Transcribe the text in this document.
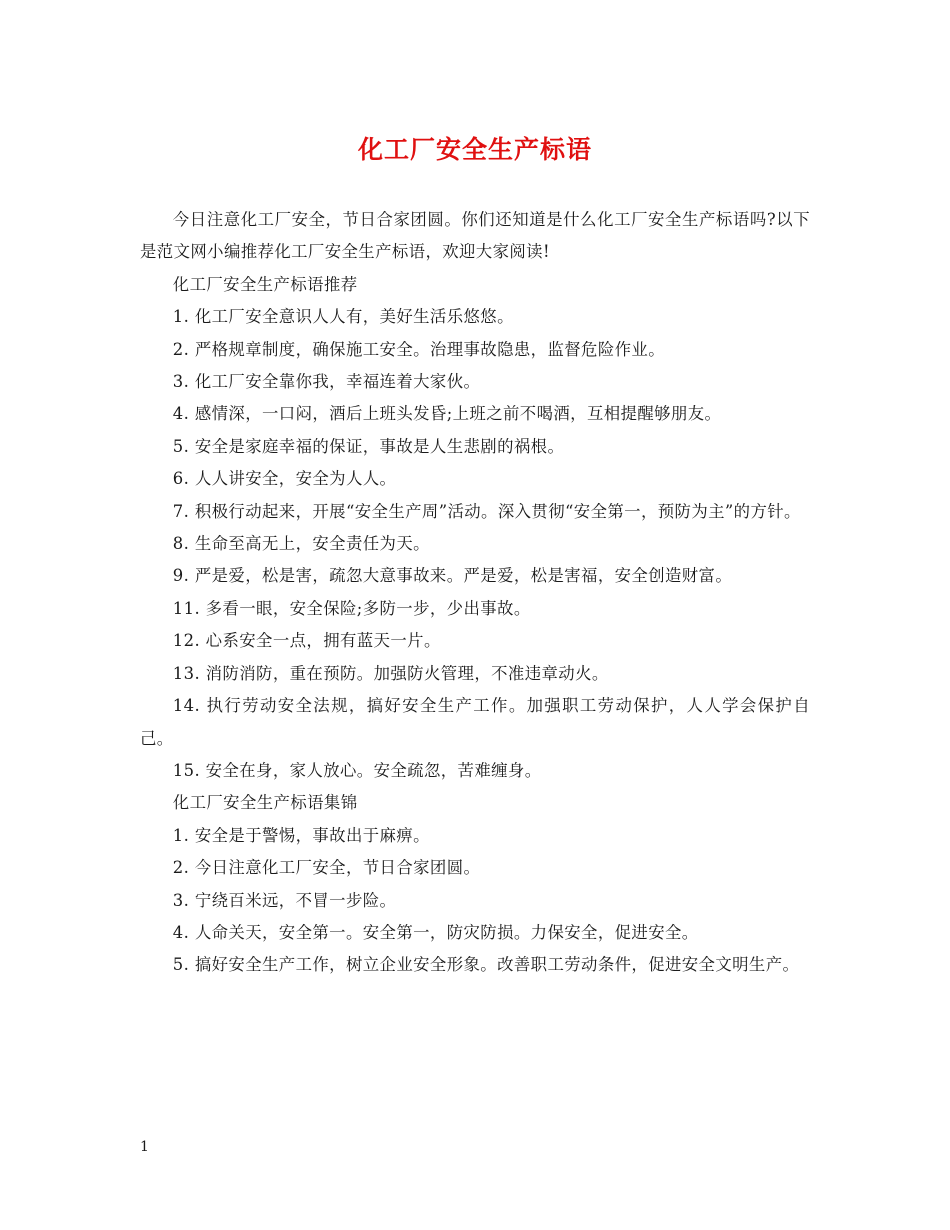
化工厂安全生产标语

今日注意化工厂安全，节日合家团圆。你们还知道是什么化工厂安全生产标语吗?以下是范文网小编推荐化工厂安全生产标语，欢迎大家阅读!

化工厂安全生产标语推荐

1. 化工厂安全意识人人有，美好生活乐悠悠。

2. 严格规章制度，确保施工安全。治理事故隐患，监督危险作业。

3. 化工厂安全靠你我，幸福连着大家伙。

4. 感情深，一口闷，酒后上班头发昏;上班之前不喝酒，互相提醒够朋友。

5. 安全是家庭幸福的保证，事故是人生悲剧的祸根。

6. 人人讲安全，安全为人人。

7. 积极行动起来，开展“安全生产周”活动。深入贯彻“安全第一，预防为主”的方针。

8. 生命至高无上，安全责任为天。

9. 严是爱，松是害，疏忽大意事故来。严是爱，松是害福，安全创造财富。

11. 多看一眼，安全保险;多防一步，少出事故。

12. 心系安全一点，拥有蓝天一片。

13. 消防消防，重在预防。加强防火管理，不准违章动火。

14. 执行劳动安全法规，搞好安全生产工作。加强职工劳动保护，人人学会保护自己。

15. 安全在身，家人放心。安全疏忽，苦难缠身。

化工厂安全生产标语集锦

1. 安全是于警惕，事故出于麻痹。

2. 今日注意化工厂安全，节日合家团圆。

3. 宁绕百米远，不冒一步险。

4. 人命关天，安全第一。安全第一，防灾防损。力保安全，促进安全。

5. 搞好安全生产工作，树立企业安全形象。改善职工劳动条件，促进安全文明生产。

1
